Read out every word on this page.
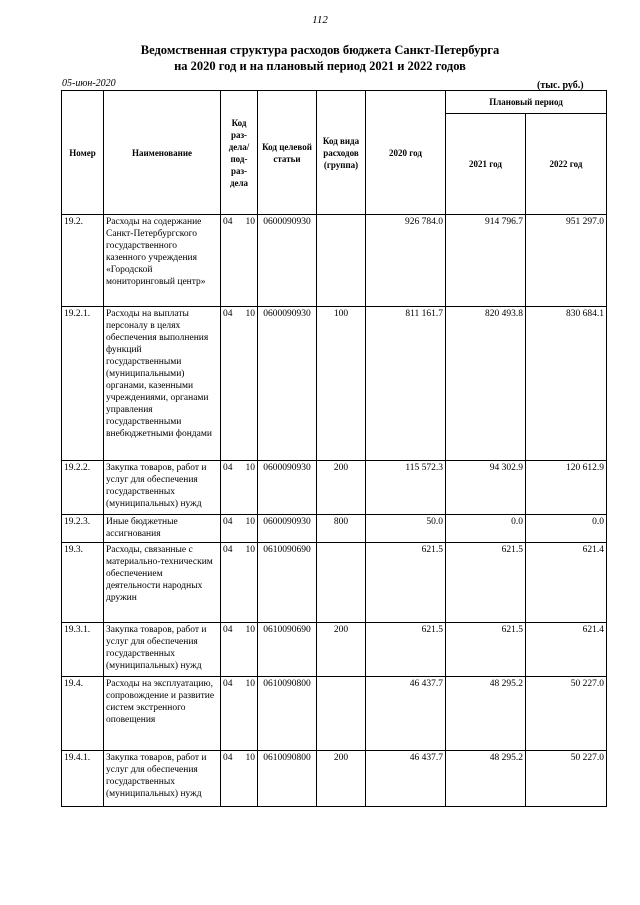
112
Ведомственная структура расходов бюджета Санкт-Петербурга
на 2020 год и на плановый период 2021 и 2022 годов
05-июн-2020	(тыс. руб.)
Номер	Наименование	Код раз- дела/ под- раз- дела	Код целевой статьи	Код вида расходов (группа)	2020 год	Плановый период	
						2021 год	2022 год
19.2.	Расходы на содержание Санкт-Петербургского государственного казенного учреждения «Городской мониторинговый центр»	04 10	0600090930		926 784.0	914 796.7	951 297.0
19.2.1.	Расходы на выплаты персоналу в целях обеспечения выполнения функций государственными (муниципальными) органами, казенными учреждениями, органами управления государственными внебюджетными фондами	04 10	0600090930	100	811 161.7	820 493.8	830 684.1
19.2.2.	Закупка товаров, работ и услуг для обеспечения государственных (муниципальных) нужд	04 10	0600090930	200	115 572.3	94 302.9	120 612.9
19.2.3.	Иные бюджетные ассигнования	04 10	0600090930	800	50.0	0.0	0.0
19.3.	Расходы, связанные с материально-техническим обеспечением деятельности народных дружин	04 10	0610090690		621.5	621.5	621.4
19.3.1.	Закупка товаров, работ и услуг для обеспечения государственных (муниципальных) нужд	04 10	0610090690	200	621.5	621.5	621.4
19.4.	Расходы на эксплуатацию, сопровождение и развитие систем экстренного оповещения	04 10	0610090800		46 437.7	48 295.2	50 227.0
19.4.1.	Закупка товаров, работ и услуг для обеспечения государственных (муниципальных) нужд	04 10	0610090800	200	46 437.7	48 295.2	50 227.0
